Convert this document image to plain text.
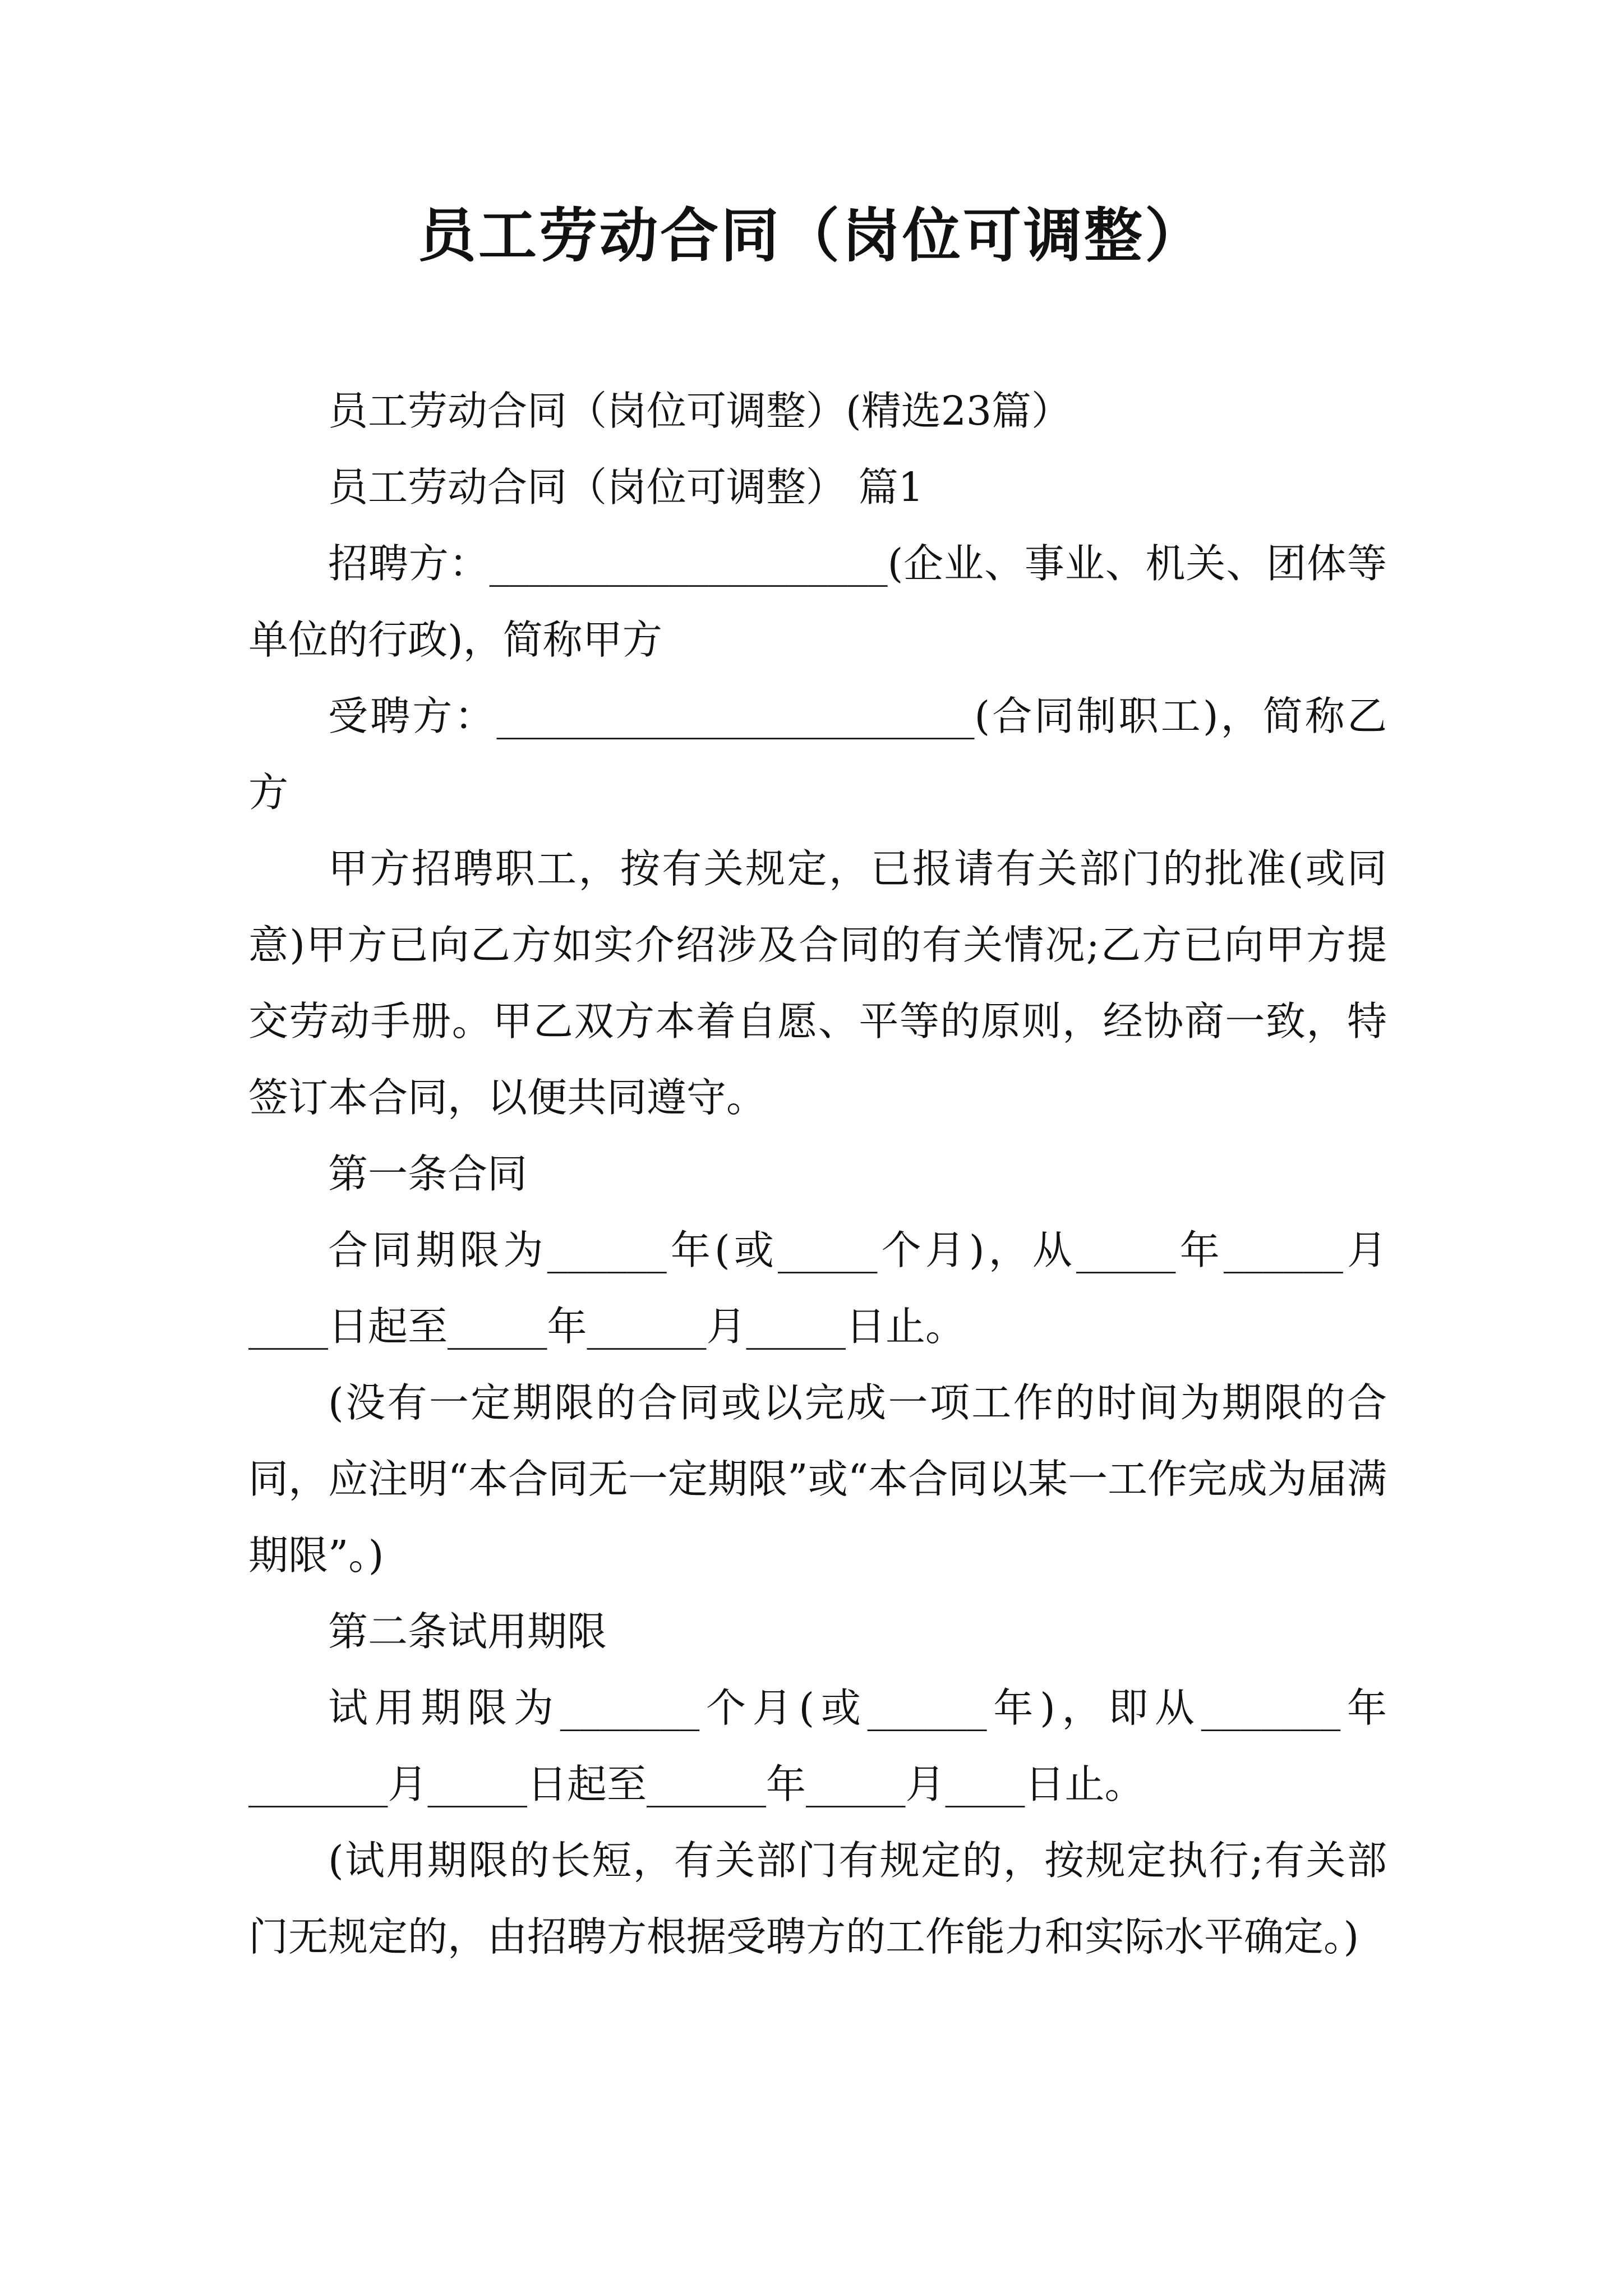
员工劳动合同（岗位可调整）

员工劳动合同（岗位可调整）(精选23篇）

员工劳动合同（岗位可调整） 篇1

招聘方：____________________(企业、事业、机关、团体等单位的行政)，简称甲方

受聘方：________________________(合同制职工)，简称乙方

甲方招聘职工，按有关规定，已报请有关部门的批准(或同意)甲方已向乙方如实介绍涉及合同的有关情况;乙方已向甲方提交劳动手册。甲乙双方本着自愿、平等的原则，经协商一致，特签订本合同，以便共同遵守。

第一条合同

合同期限为______年(或_____个月)，从_____年______月____日起至_____年______月_____日止。

(没有一定期限的合同或以完成一项工作的时间为期限的合同，应注明“本合同无一定期限”或“本合同以某一工作完成为届满期限”。)

第二条试用期限

试用期限为_______个月(或______年)，即从_______年_______月_____日起至______年_____月____日止。

(试用期限的长短，有关部门有规定的，按规定执行;有关部门无规定的，由招聘方根据受聘方的工作能力和实际水平确定。)
